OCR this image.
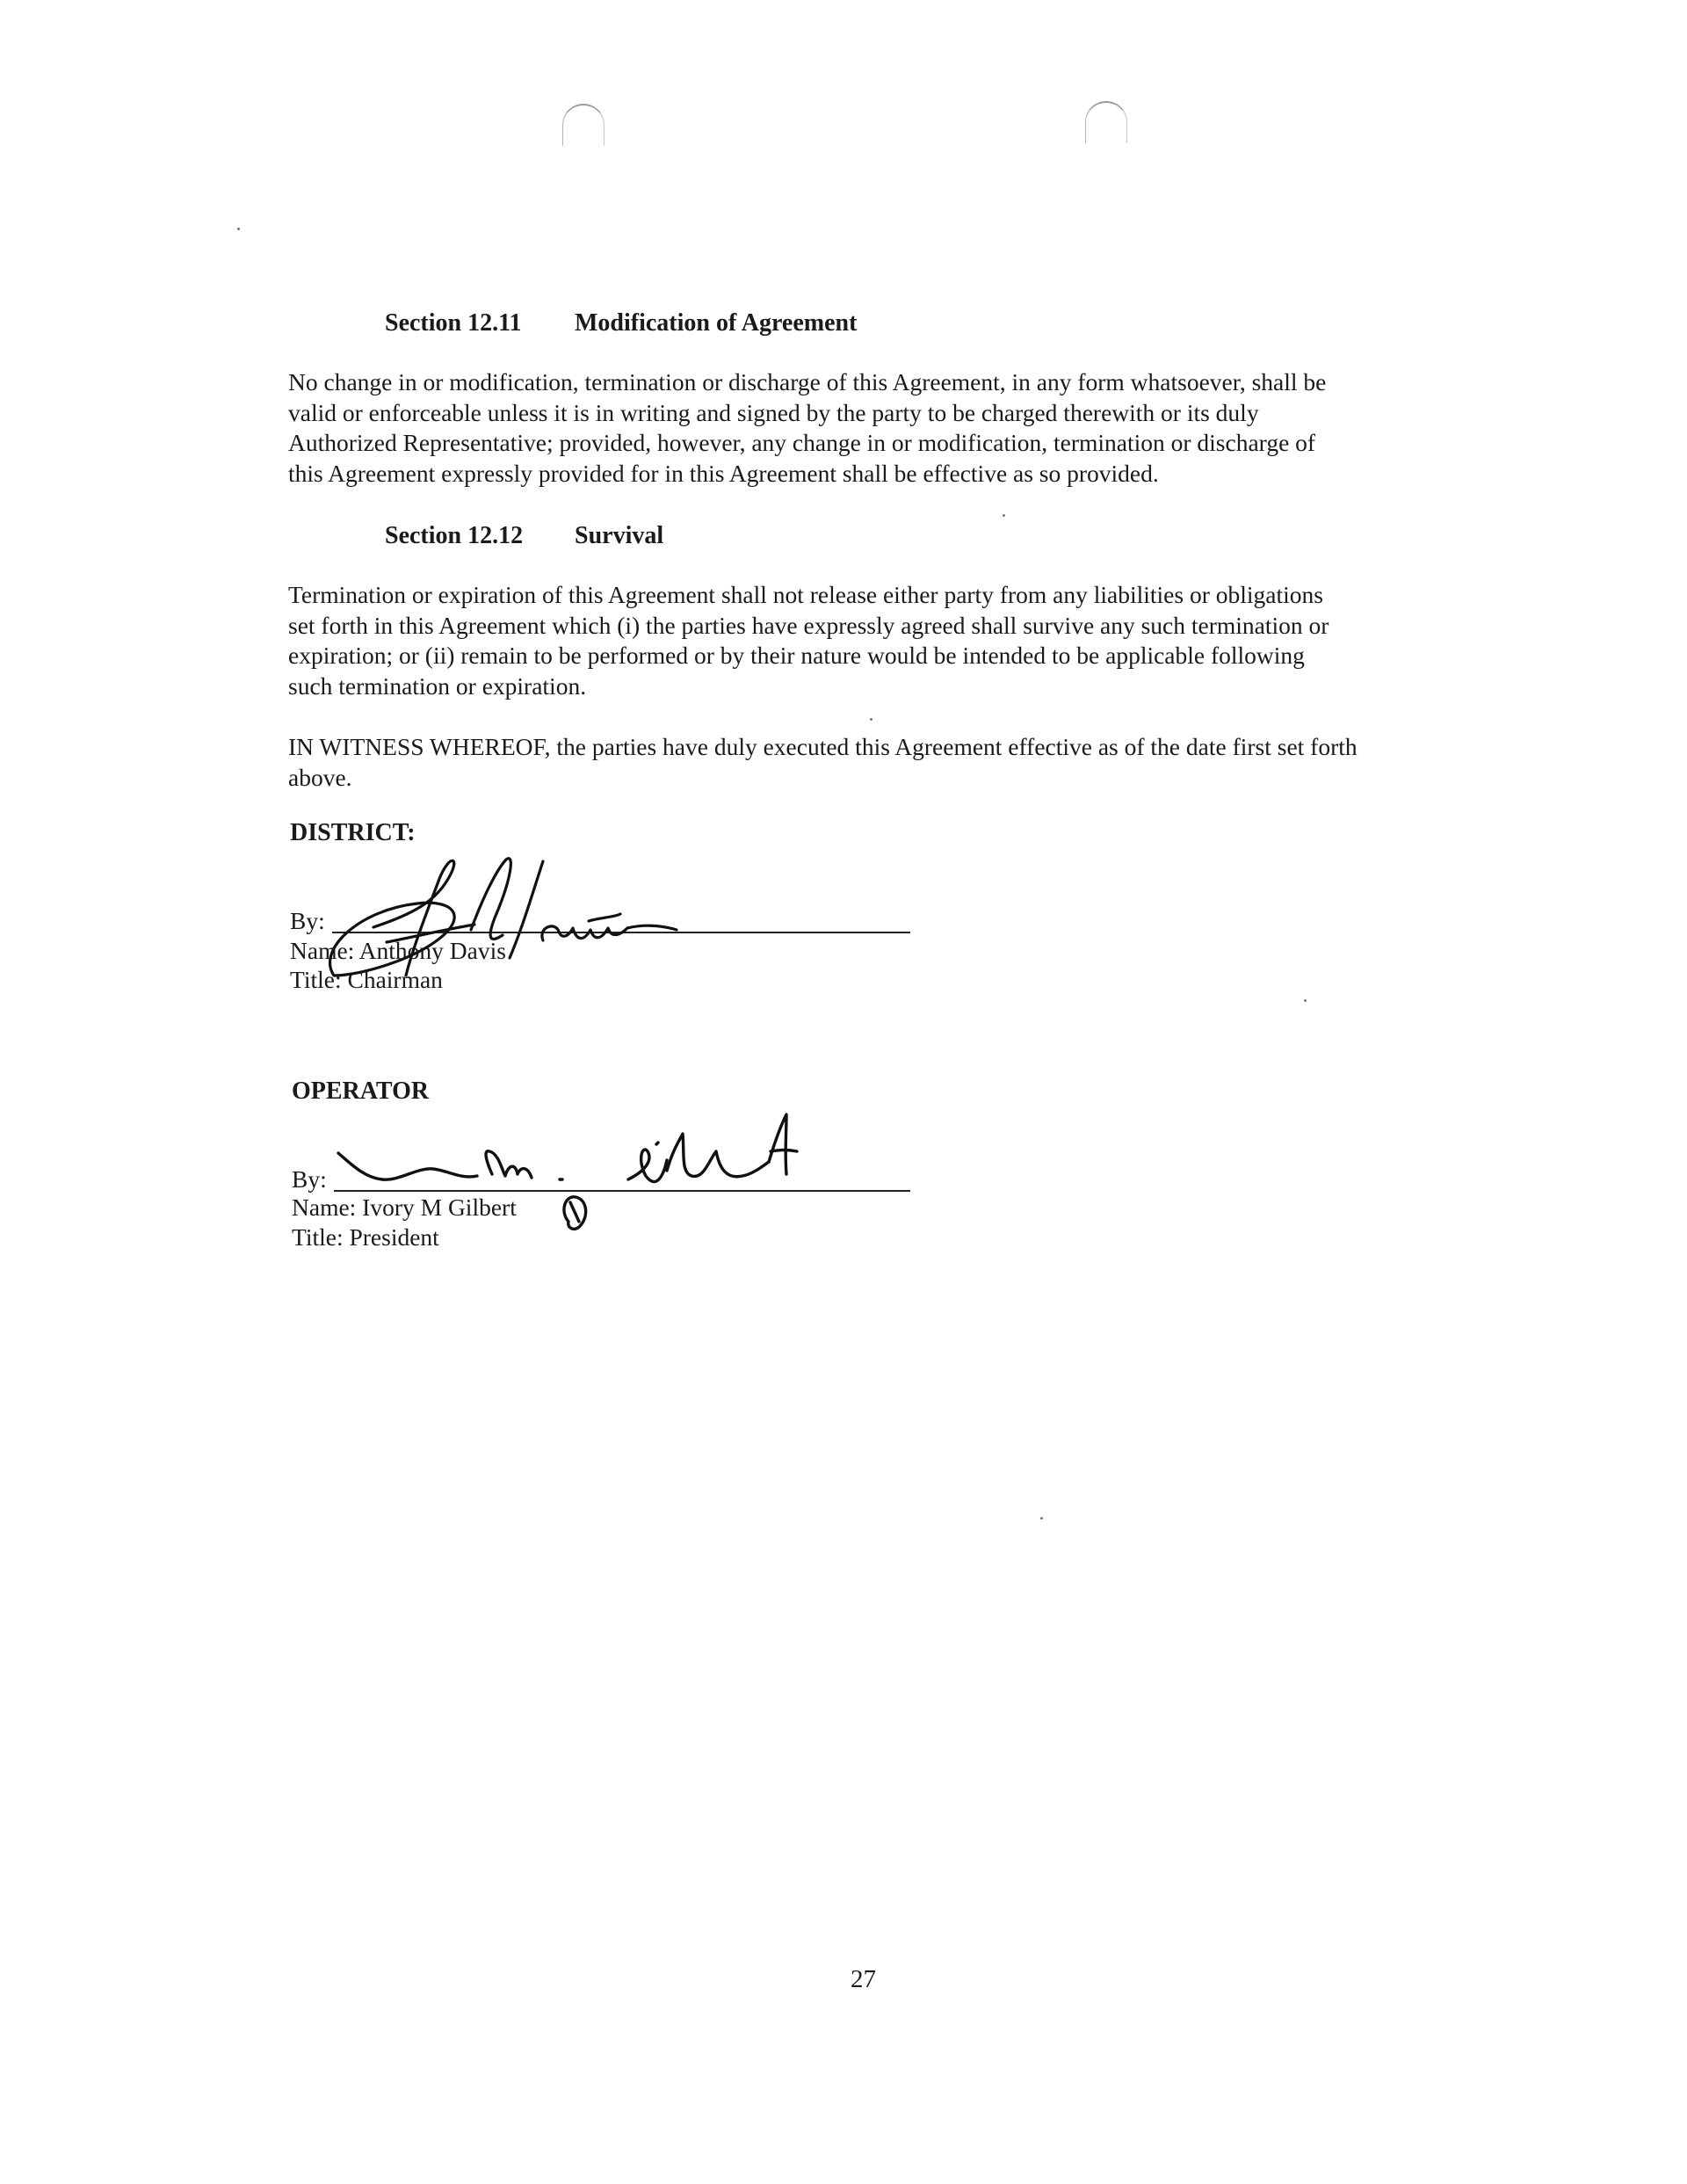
Section 12.11 Modification of Agreement

No change in or modification, termination or discharge of this Agreement, in any form whatsoever, shall be
valid or enforceable unless it is in writing and signed by the party to be charged therewith or its duly
Authorized Representative; provided, however, any change in or modification, termination or discharge of
this Agreement expressly provided for in this Agreement shall be effective as so provided.

Section 12.12 Survival

Termination or expiration of this Agreement shall not release either party from any liabilities or obligations
set forth in this Agreement which (i) the parties have expressly agreed shall survive any such termination or
expiration; or (ii) remain to be performed or by their nature would be intended to be applicable following
such termination or expiration.

IN WITNESS WHEREOF, the parties have duly executed this Agreement effective as of the date first set forth
above.

DISTRICT:
By:
Name: Anthony Davis
Title: Chairman
OPERATOR
By:
Name: Ivory M Gilbert
Title: President
27
